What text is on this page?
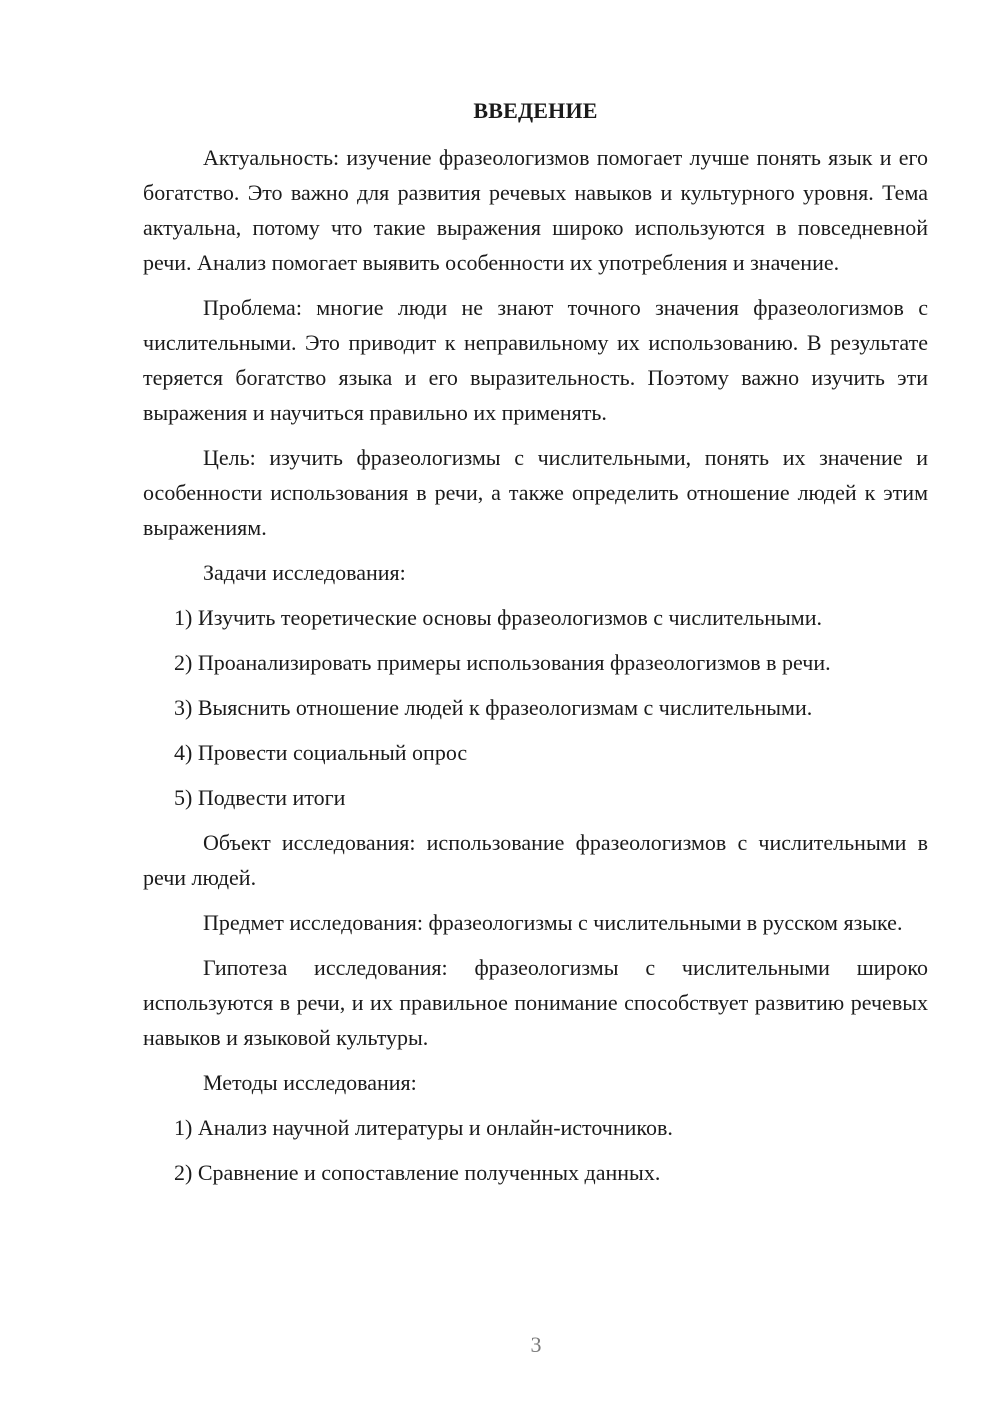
ВВЕДЕНИЕ

Актуальность: изучение фразеологизмов помогает лучше понять язык и его богатство. Это важно для развития речевых навыков и культурного уровня. Тема актуальна, потому что такие выражения широко используются в повседневной речи. Анализ помогает выявить особенности их употребления и значение.

Проблема: многие люди не знают точного значения фразеологизмов с числительными. Это приводит к неправильному их использованию. В результате теряется богатство языка и его выразительность. Поэтому важно изучить эти выражения и научиться правильно их применять.

Цель: изучить фразеологизмы с числительными, понять их значение и особенности использования в речи, а также определить отношение людей к этим выражениям.

Задачи исследования:
1) Изучить теоретические основы фразеологизмов с числительными.
2) Проанализировать примеры использования фразеологизмов в речи.
3) Выяснить отношение людей к фразеологизмам с числительными.
4) Провести социальный опрос
5) Подвести итоги

Объект исследования: использование фразеологизмов с числительными в речи людей.

Предмет исследования: фразеологизмы с числительными в русском языке.

Гипотеза исследования: фразеологизмы с числительными широко используются в речи, и их правильное понимание способствует развитию речевых навыков и языковой культуры.

Методы исследования:
1) Анализ научной литературы и онлайн-источников.
2) Сравнение и сопоставление полученных данных.
3
